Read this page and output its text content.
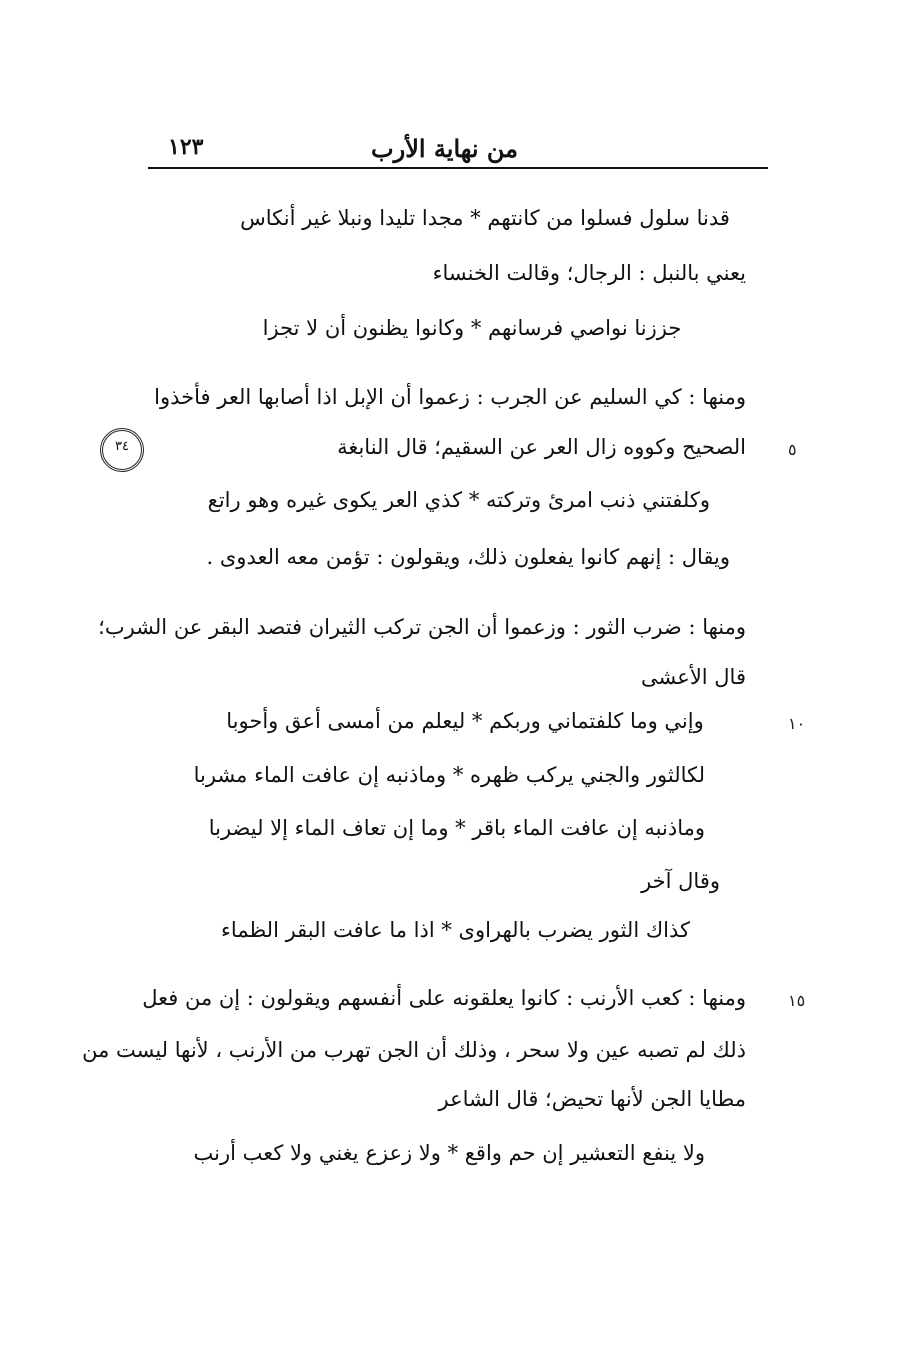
من نهاية الأرب
١٢٣
٣٤
قدنا سلول فسلوا من كانتهم * مجدا تليدا ونبلا غير أنكاس
يعني بالنبل : الرجال؛ وقالت الخنساء
جززنا نواصي فرسانهم * وكانوا يظنون أن لا تجزا
ومنها : كي السليم عن الجرب : زعموا أن الإبل اذا أصابها العر فأخذوا
الصحيح وكووه زال العر عن السقيم؛ قال النابغة	٥
وكلفتني ذنب امرئ وتركته * كذي العر يكوى غيره وهو راتع
ويقال : إنهم كانوا يفعلون ذلك، ويقولون : تؤمن معه العدوى .
ومنها : ضرب الثور : وزعموا أن الجن تركب الثيران فتصد البقر عن الشرب؛
قال الأعشى
وإني وما كلفتماني وربكم * ليعلم من أمسى أعق وأحوبا	١٠
لكالثور والجني يركب ظهره * وماذنبه إن عافت الماء مشربا
وماذنبه إن عافت الماء باقر * وما إن تعاف الماء إلا ليضربا
وقال آخر
كذاك الثور يضرب بالهراوى * اذا ما عافت البقر الظماء
ومنها : كعب الأرنب : كانوا يعلقونه على أنفسهم ويقولون : إن من فعل	١٥
ذلك لم تصبه عين ولا سحر ، وذلك أن الجن تهرب من الأرنب ، لأنها ليست من
مطايا الجن لأنها تحيض؛ قال الشاعر
ولا ينفع التعشير إن حم واقع * ولا زعزع يغني ولا كعب أرنب
